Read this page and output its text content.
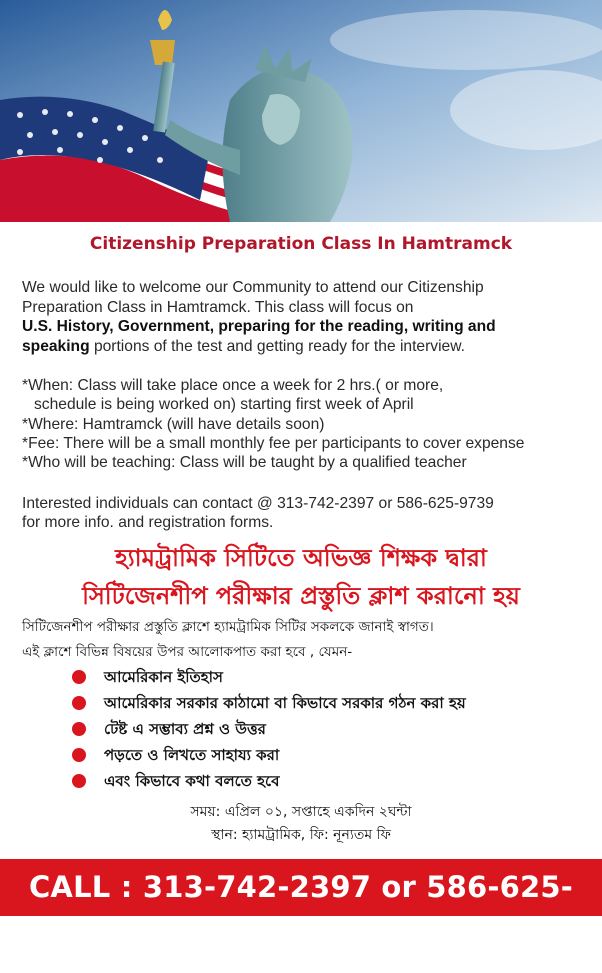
Citizenship Preparation Class In Hamtramck
We would like to welcome our Community to attend our Citizenship
Preparation Class in Hamtramck. This class will focus on
U.S. History, Government, preparing for the reading, writing and
speaking portions of the test and getting ready for the interview.
*When: Class will take place once a week for 2 hrs.( or more,
schedule is being worked on) starting first week of April
*Where: Hamtramck (will have details soon)
*Fee: There will be a small monthly fee per participants to cover expense
*Who will be teaching: Class will be taught by a qualified teacher
Interested individuals can contact @ 313-742-2397 or 586-625-9739
for more info. and registration forms.
হ্যামট্রামিক সিটিতে অভিজ্ঞ শিক্ষক দ্বারা
সিটিজেনশীপ পরীক্ষার প্রস্তুতি ক্লাশ করানো হয়
সিটিজেনশীপ পরীক্ষার প্রস্তুতি ক্লাশে হ্যামট্রামিক সিটির সকলকে জানাই স্বাগত।
এই ক্লাশে বিভিন্ন বিষয়ের উপর আলোকপাত করা হবে , যেমন-
আমেরিকান ইতিহাস
আমেরিকার সরকার কাঠামো বা কিভাবে সরকার গঠন করা হয়
টেষ্ট এ সম্ভাব্য প্রশ্ন ও উত্তর
পড়তে ও লিখতে সাহায্য করা
এবং কিভাবে কথা বলতে হবে
সময়: এপ্রিল ০১, সপ্তাহে একদিন ২ঘন্টা
স্থান: হ্যামট্রামিক, ফি: নূন্যতম ফি
CALL : 313-742-2397 or 586-625-9739
